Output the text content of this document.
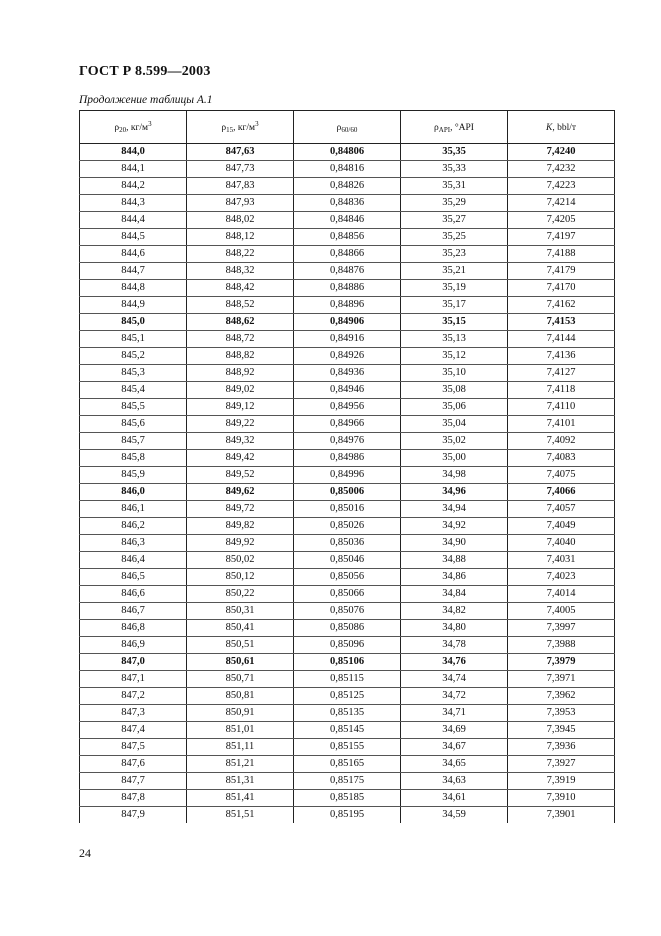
ГОСТ Р 8.599—2003
Продолжение таблицы А.1
$\rho_{20}$, $кг/м^3$	$\rho_{15}$, $кг/м^3$	$\rho_{60/60}$	$\rho_{API}$, °API	K, bbl/т
844,0	847,63	0,84806	35,35	7,4240
844,1	847,73	0,84816	35,33	7,4232
844,2	847,83	0,84826	35,31	7,4223
844,3	847,93	0,84836	35,29	7,4214
844,4	848,02	0,84846	35,27	7,4205
844,5	848,12	0,84856	35,25	7,4197
844,6	848,22	0,84866	35,23	7,4188
844,7	848,32	0,84876	35,21	7,4179
844,8	848,42	0,84886	35,19	7,4170
844,9	848,52	0,84896	35,17	7,4162
845,0	848,62	0,84906	35,15	7,4153
845,1	848,72	0,84916	35,13	7,4144
845,2	848,82	0,84926	35,12	7,4136
845,3	848,92	0,84936	35,10	7,4127
845,4	849,02	0,84946	35,08	7,4118
845,5	849,12	0,84956	35,06	7,4110
845,6	849,22	0,84966	35,04	7,4101
845,7	849,32	0,84976	35,02	7,4092
845,8	849,42	0,84986	35,00	7,4083
845,9	849,52	0,84996	34,98	7,4075
846,0	849,62	0,85006	34,96	7,4066
846,1	849,72	0,85016	34,94	7,4057
846,2	849,82	0,85026	34,92	7,4049
846,3	849,92	0,85036	34,90	7,4040
846,4	850,02	0,85046	34,88	7,4031
846,5	850,12	0,85056	34,86	7,4023
846,6	850,22	0,85066	34,84	7,4014
846,7	850,31	0,85076	34,82	7,4005
846,8	850,41	0,85086	34,80	7,3997
846,9	850,51	0,85096	34,78	7,3988
847,0	850,61	0,85106	34,76	7,3979
847,1	850,71	0,85115	34,74	7,3971
847,2	850,81	0,85125	34,72	7,3962
847,3	850,91	0,85135	34,71	7,3953
847,4	851,01	0,85145	34,69	7,3945
847,5	851,11	0,85155	34,67	7,3936
847,6	851,21	0,85165	34,65	7,3927
847,7	851,31	0,85175	34,63	7,3919
847,8	851,41	0,85185	34,61	7,3910
847,9	851,51	0,85195	34,59	7,3901
24
